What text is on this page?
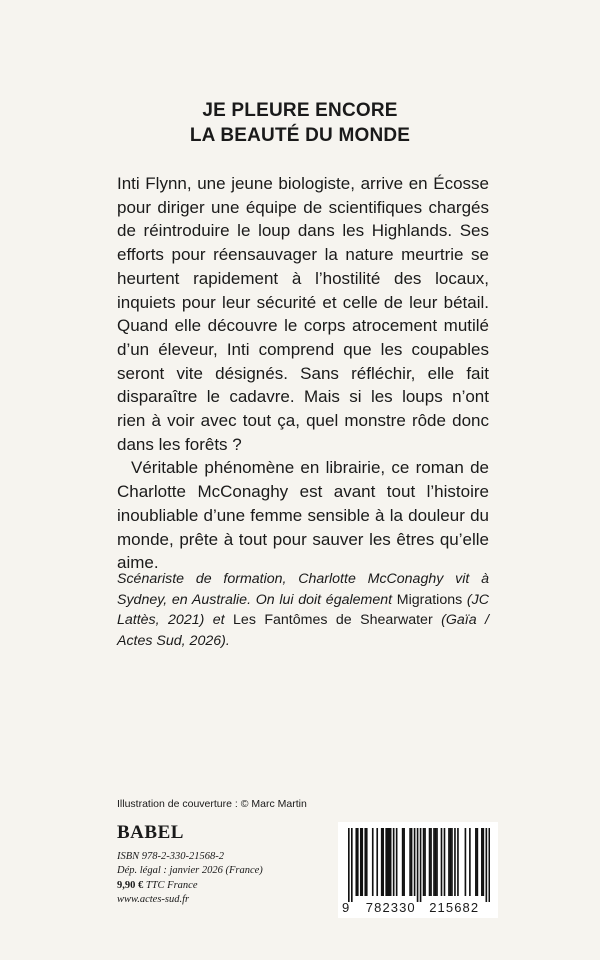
JE PLEURE ENCORE
LA BEAUTÉ DU MONDE

Inti Flynn, une jeune biologiste, arrive en Écosse pour diriger une équipe de scientifiques chargés de réintroduire le loup dans les Highlands. Ses efforts pour réensauvager la nature meurtrie se heurtent rapidement à l’hostilité des locaux, inquiets pour leur sécurité et celle de leur bétail. Quand elle découvre le corps atrocement mutilé d’un éleveur, Inti comprend que les coupables seront vite désignés. Sans réfléchir, elle fait disparaître le cadavre. Mais si les loups n’ont rien à voir avec tout ça, quel monstre rôde donc dans les forêts ?

Véritable phénomène en librairie, ce roman de Charlotte McConaghy est avant tout l’histoire inoubliable d’une femme sensible à la douleur du monde, prête à tout pour sauver les êtres qu’elle aime.

Scénariste de formation, Charlotte McConaghy vit à Sydney, en Australie. On lui doit également Migrations (JC Lattès, 2021) et Les Fantômes de Shearwater (Gaïa / Actes Sud, 2026).
Illustration de couverture : © Marc Martin
BABEL
ISBN 978-2-330-21568-2
Dép. légal : janvier 2026 (France)
9,90 € TTC France
www.actes-sud.fr
9 782330 215682
